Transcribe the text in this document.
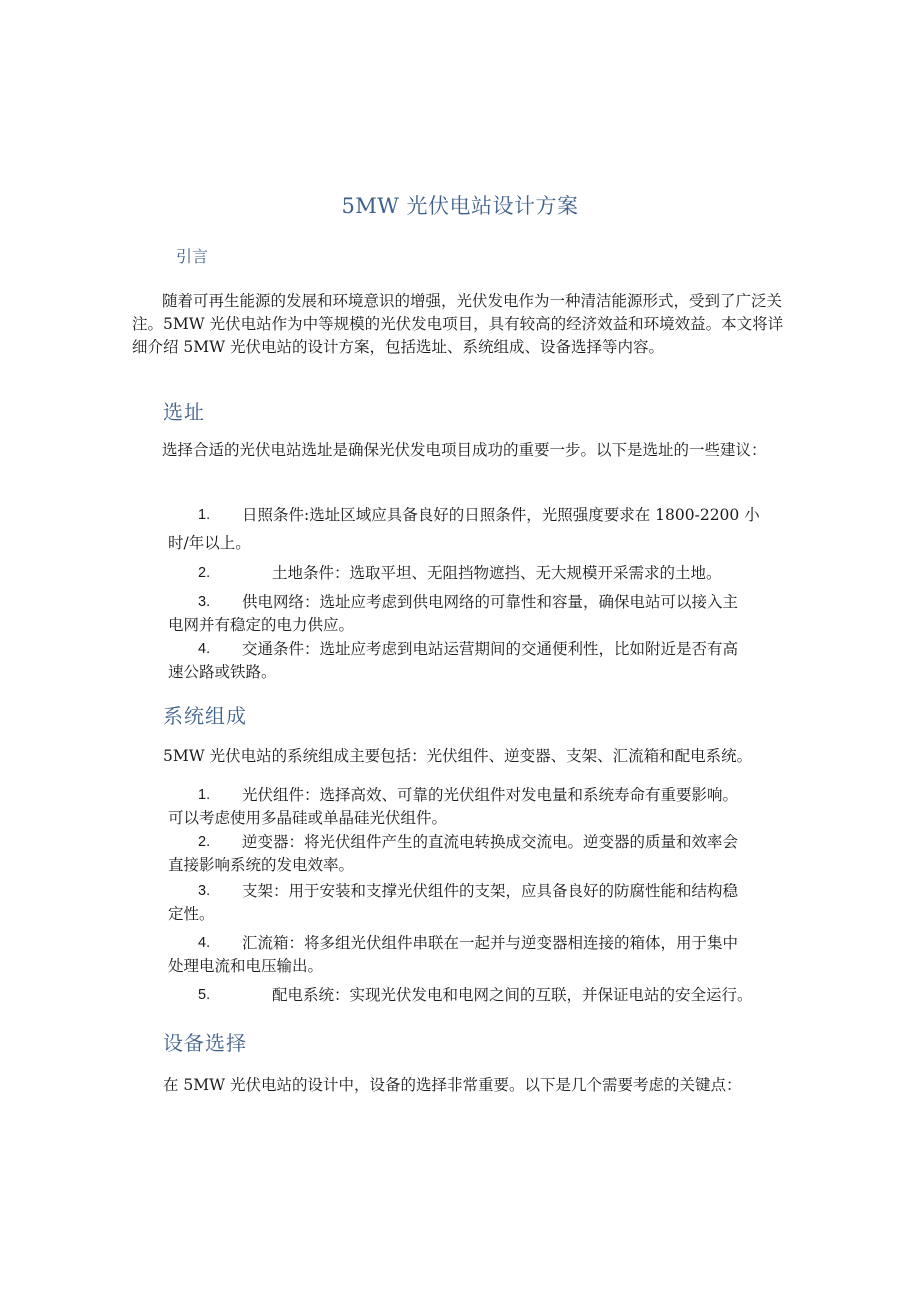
5MW 光伏电站设计方案
引言
随着可再生能源的发展和环境意识的增强，光伏发电作为一种清洁能源形式，受到了广泛关注。5MW 光伏电站作为中等规模的光伏发电项目，具有较高的经济效益和环境效益。本文将详细介绍 5MW 光伏电站的设计方案，包括选址、系统组成、设备选择等内容。
选址
选择合适的光伏电站选址是确保光伏发电项目成功的重要一步。以下是选址的一些建议：
1.	日照条件:选址区域应具备良好的日照条件，光照强度要求在 1800-2200 小
时/年以上。
2.	土地条件：选取平坦、无阻挡物遮挡、无大规模开采需求的土地。
3.	供电网络：选址应考虑到供电网络的可靠性和容量，确保电站可以接入主
电网并有稳定的电力供应。
4.	交通条件：选址应考虑到电站运营期间的交通便利性，比如附近是否有高
速公路或铁路。
系统组成
5MW 光伏电站的系统组成主要包括：光伏组件、逆变器、支架、汇流箱和配电系统。
1.	光伏组件：选择高效、可靠的光伏组件对发电量和系统寿命有重要影响。
可以考虑使用多晶硅或单晶硅光伏组件。
2.	逆变器：将光伏组件产生的直流电转换成交流电。逆变器的质量和效率会
直接影响系统的发电效率。
3.	支架：用于安装和支撑光伏组件的支架，应具备良好的防腐性能和结构稳
定性。
4.	汇流箱：将多组光伏组件串联在一起并与逆变器相连接的箱体，用于集中
处理电流和电压输出。
5.	配电系统：实现光伏发电和电网之间的互联，并保证电站的安全运行。
设备选择
在 5MW 光伏电站的设计中，设备的选择非常重要。以下是几个需要考虑的关键点：
